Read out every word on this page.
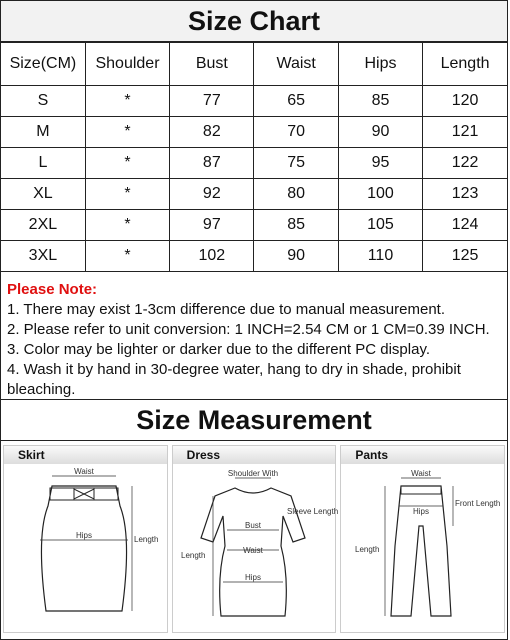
Size Chart
Size(CM)	Shoulder	Bust	Waist	Hips	Length
S	*	77	65	85	120
M	*	82	70	90	121
L	*	87	75	95	122
XL	*	92	80	100	123
2XL	*	97	85	105	124
3XL	*	102	90	110	125
Please Note:
1. There may exist 1-3cm difference due to manual measurement.
2. Please refer to unit conversion: 1 INCH=2.54 CM or 1 CM=0.39 INCH.
3. Color may be lighter or darker due to the different PC display.
4. Wash it by hand in 30-degree water, hang to dry in shade, prohibit bleaching.
Size Measurement
Skirt
Waist
Hips	Length
Dress
Shoulder With
Sleeve Length
Bust
Waist
Length
Hips
Pants
Waist
Front Length
Hips
Length
